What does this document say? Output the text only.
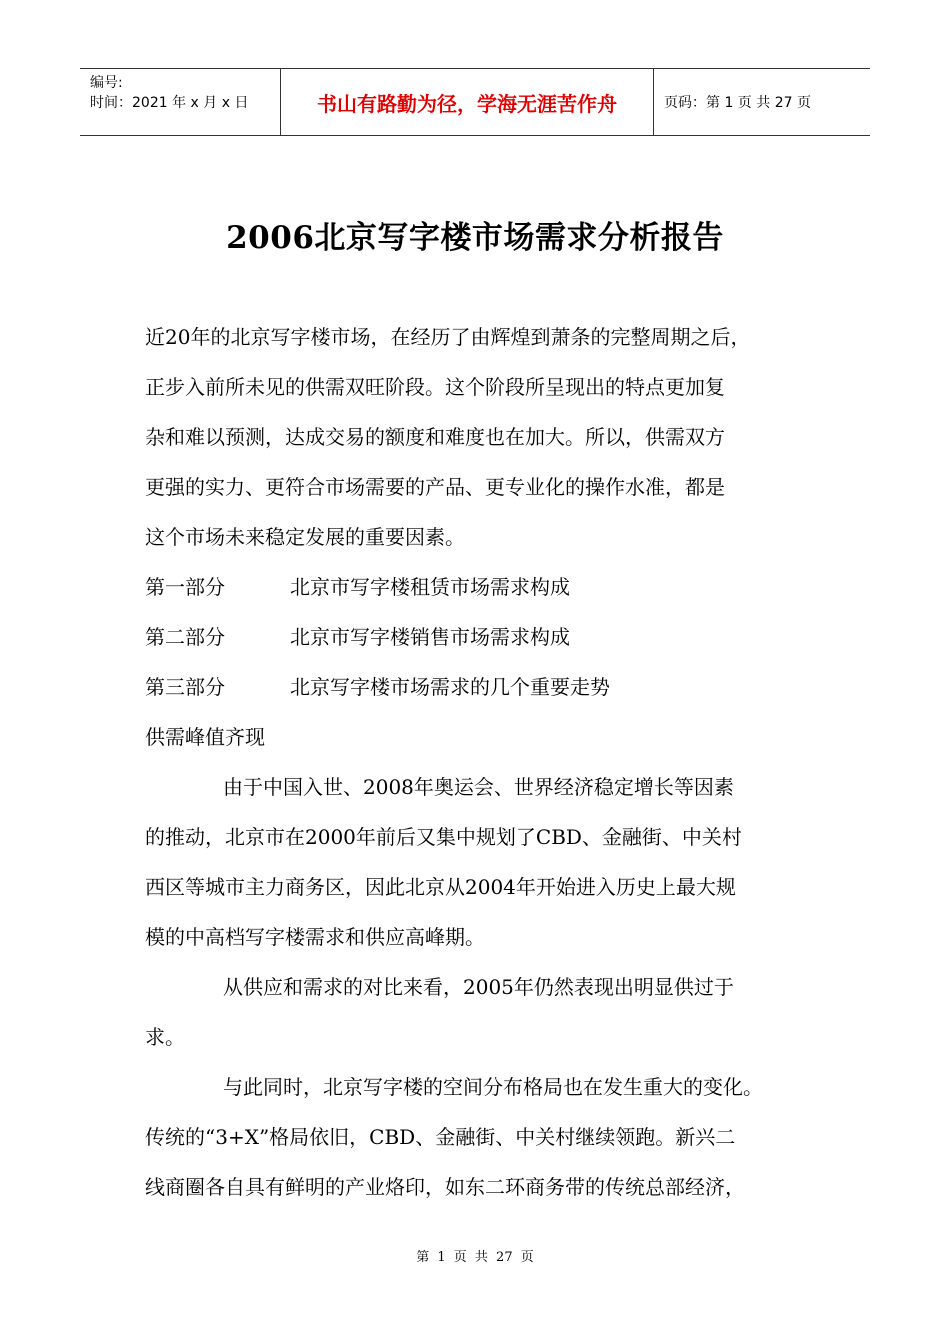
编号:
时间：2021 年 x 月 x 日	书山有路勤为径，学海无涯苦作舟	页码：第 1 页 共 27 页
2006北京写字楼市场需求分析报告
近20年的北京写字楼市场，在经历了由辉煌到萧条的完整周期之后，
正步入前所未见的供需双旺阶段。这个阶段所呈现出的特点更加复
杂和难以预测，达成交易的额度和难度也在加大。所以，供需双方
更强的实力、更符合市场需要的产品、更专业化的操作水准，都是
这个市场未来稳定发展的重要因素。
第一部分	北京市写字楼租赁市场需求构成
第二部分	北京市写字楼销售市场需求构成
第三部分	北京写字楼市场需求的几个重要走势
供需峰值齐现
由于中国入世、2008年奥运会、世界经济稳定增长等因素
的推动，北京市在2000年前后又集中规划了CBD、金融街、中关村
西区等城市主力商务区，因此北京从2004年开始进入历史上最大规
模的中高档写字楼需求和供应高峰期。
从供应和需求的对比来看，2005年仍然表现出明显供过于
求。
与此同时，北京写字楼的空间分布格局也在发生重大的变化。
传统的“3+X”格局依旧，CBD、金融街、中关村继续领跑。新兴二
线商圈各自具有鲜明的产业烙印，如东二环商务带的传统总部经济，
第 1 页 共 27 页
